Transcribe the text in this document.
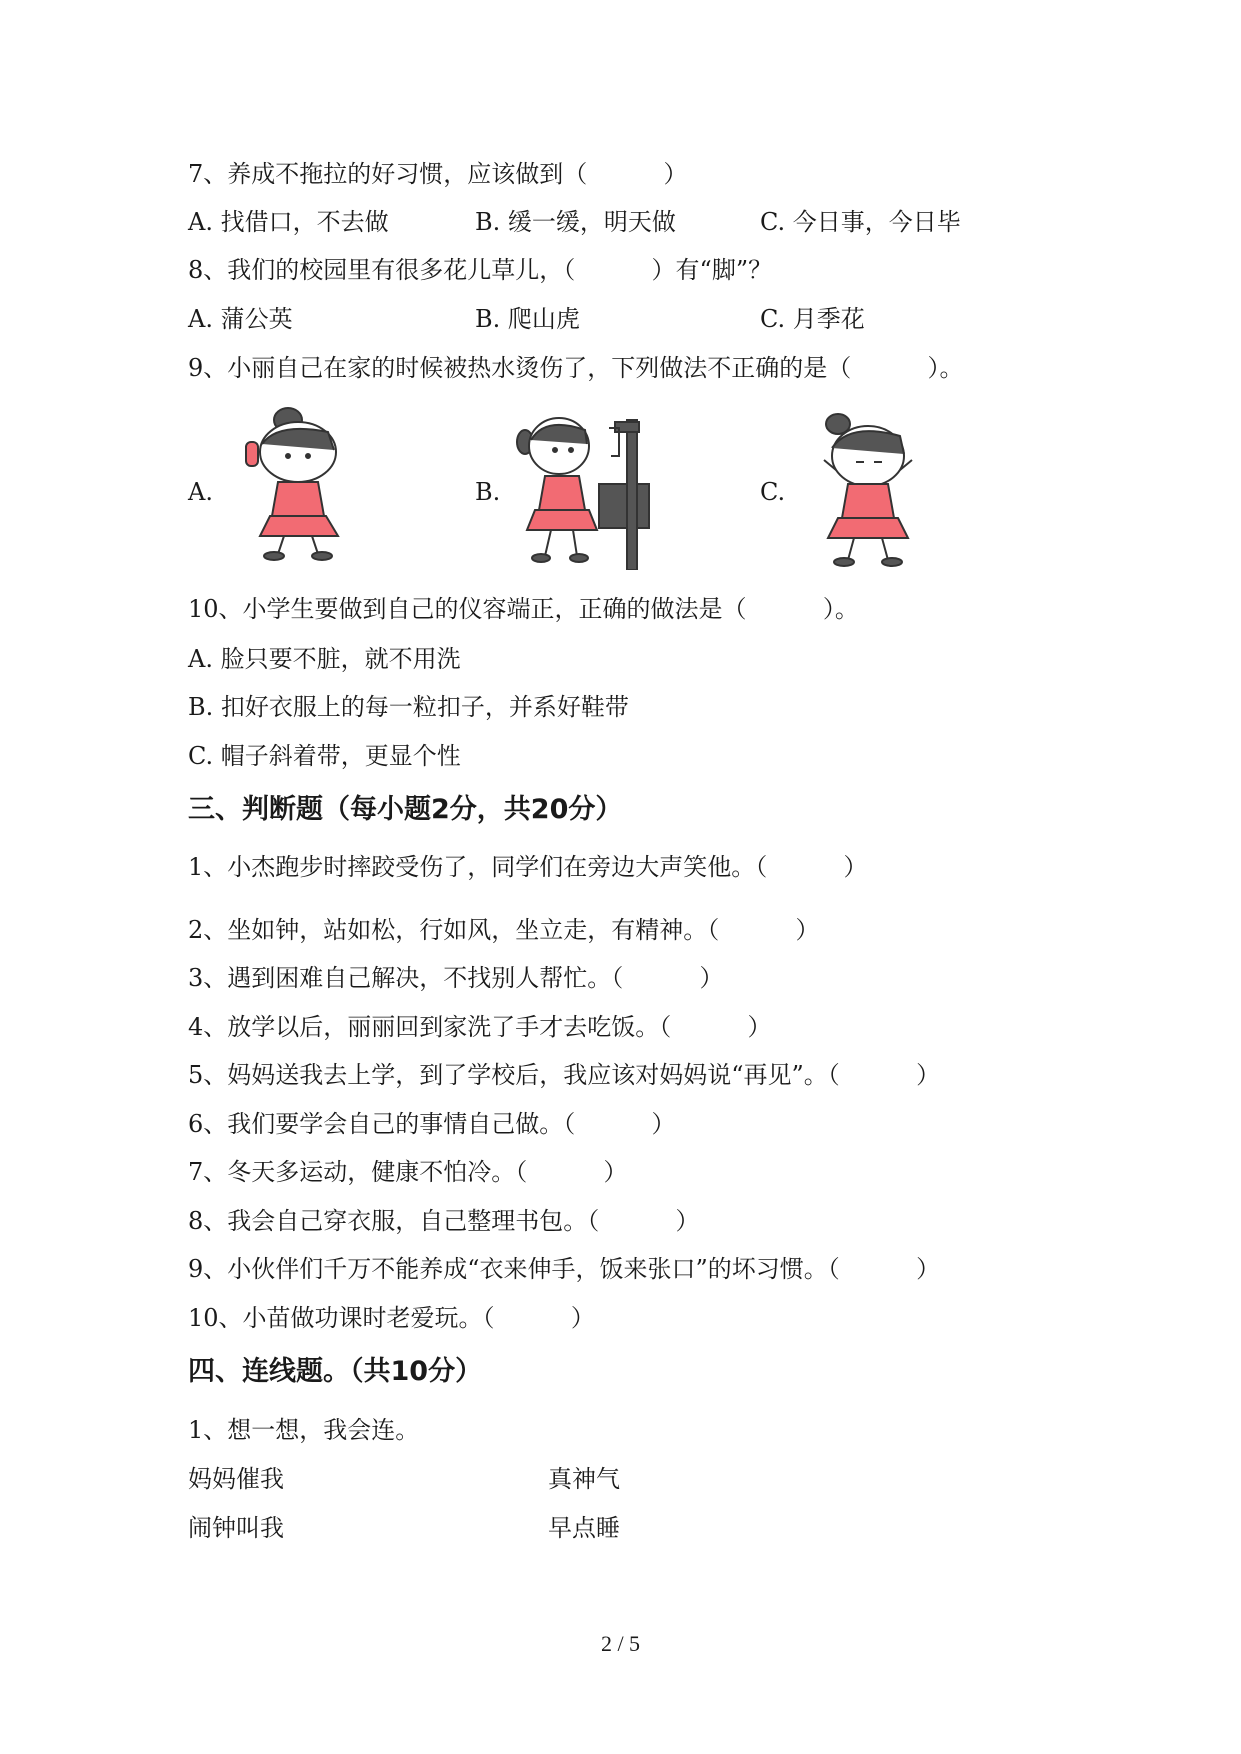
7、养成不拖拉的好习惯，应该做到（          ）
A. 找借口，不去做	B. 缓一缓，明天做	C. 今日事，今日毕
8、我们的校园里有很多花儿草儿，（          ）有“脚”？
A. 蒲公英	B. 爬山虎	C. 月季花
9、小丽自己在家的时候被热水烫伤了，下列做法不正确的是（          ）。
A.	B.	C.
10、小学生要做到自己的仪容端正，正确的做法是（          ）。
A. 脸只要不脏，就不用洗
B. 扣好衣服上的每一粒扣子，并系好鞋带
C. 帽子斜着带，更显个性
三、判断题（每小题2分，共20分）
1、小杰跑步时摔跤受伤了，同学们在旁边大声笑他。（          ）
2、坐如钟，站如松，行如风，坐立走，有精神。（          ）
3、遇到困难自己解决，不找别人帮忙。（          ）
4、放学以后，丽丽回到家洗了手才去吃饭。（          ）
5、妈妈送我去上学，到了学校后，我应该对妈妈说“再见”。（          ）
6、我们要学会自己的事情自己做。（          ）
7、冬天多运动，健康不怕冷。（          ）
8、我会自己穿衣服，自己整理书包。（          ）
9、小伙伴们千万不能养成“衣来伸手，饭来张口”的坏习惯。（          ）
10、小苗做功课时老爱玩。（          ）
四、连线题。（共10分）
1、想一想，我会连。
妈妈催我	真神气
闹钟叫我	早点睡
2 / 5
